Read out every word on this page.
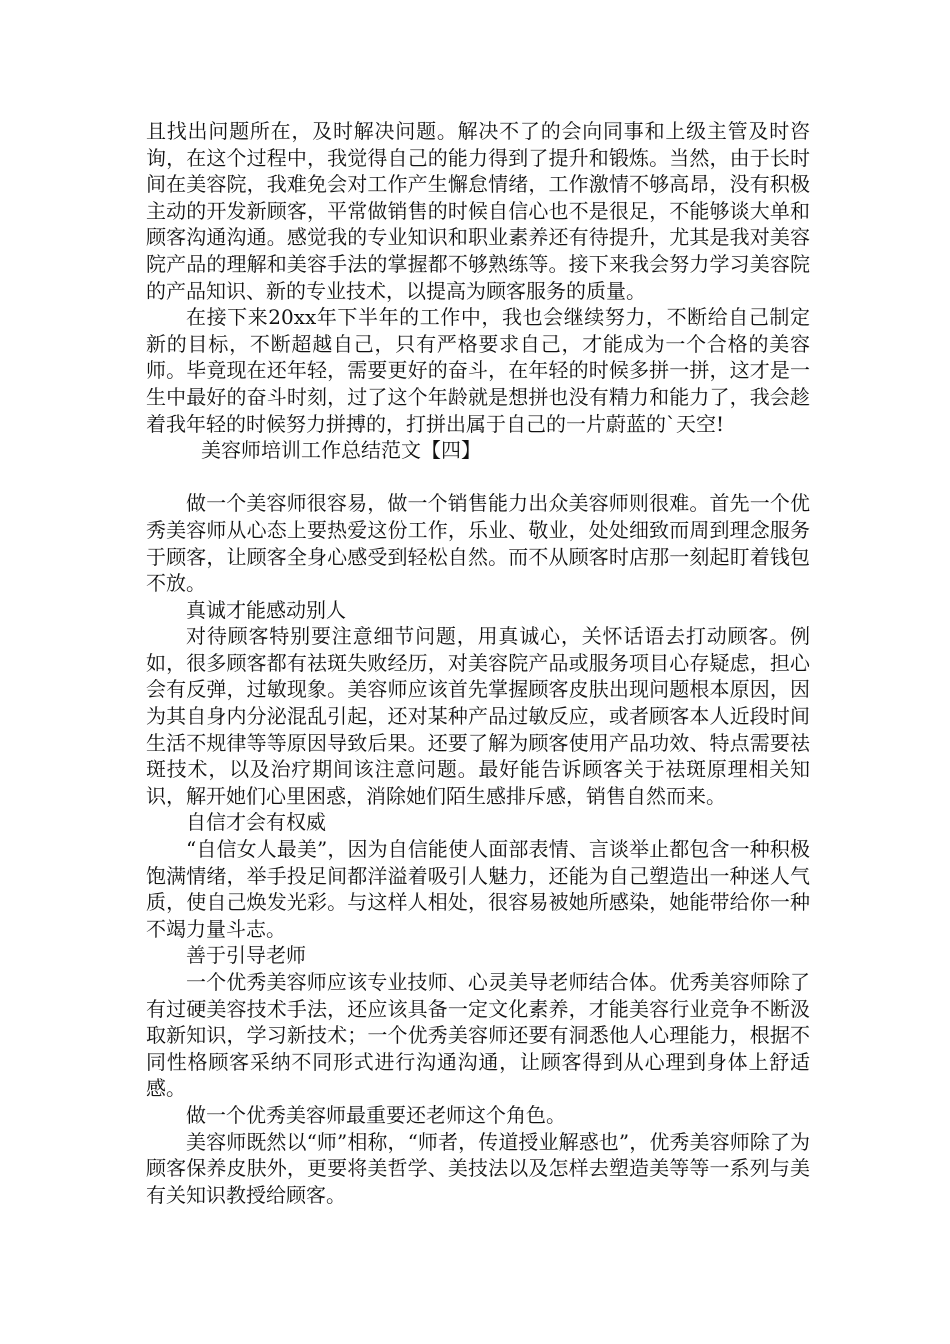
且找出问题所在，及时解决问题。解决不了的会向同事和上级主管及时咨询，在这个过程中，我觉得自己的能力得到了提升和锻炼。当然，由于长时间在美容院，我难免会对工作产生懈怠情绪，工作激情不够高昂，没有积极主动的开发新顾客，平常做销售的时候自信心也不是很足，不能够谈大单和顾客沟通沟通。感觉我的专业知识和职业素养还有待提升，尤其是我对美容院产品的理解和美容手法的掌握都不够熟练等。接下来我会努力学习美容院的产品知识、新的专业技术，以提高为顾客服务的质量。

在接下来20xx年下半年的工作中，我也会继续努力，不断给自己制定新的目标，不断超越自己，只有严格要求自己，才能成为一个合格的美容师。毕竟现在还年轻，需要更好的奋斗，在年轻的时候多拼一拼，这才是一生中最好的奋斗时刻，过了这个年龄就是想拼也没有精力和能力了，我会趁着我年轻的时候努力拼搏的，打拼出属于自己的一片蔚蓝的`天空!

美容师培训工作总结范文【四】

做一个美容师很容易，做一个销售能力出众美容师则很难。首先一个优秀美容师从心态上要热爱这份工作，乐业、敬业，处处细致而周到理念服务于顾客，让顾客全身心感受到轻松自然。而不从顾客时店那一刻起盯着钱包不放。

真诚才能感动别人

对待顾客特别要注意细节问题，用真诚心，关怀话语去打动顾客。例如，很多顾客都有祛斑失败经历，对美容院产品或服务项目心存疑虑，担心会有反弹，过敏现象。美容师应该首先掌握顾客皮肤出现问题根本原因，因为其自身内分泌混乱引起，还对某种产品过敏反应，或者顾客本人近段时间生活不规律等等原因导致后果。还要了解为顾客使用产品功效、特点需要祛斑技术，以及治疗期间该注意问题。最好能告诉顾客关于祛斑原理相关知识，解开她们心里困惑，消除她们陌生感排斥感，销售自然而来。

自信才会有权威

“自信女人最美”，因为自信能使人面部表情、言谈举止都包含一种积极饱满情绪，举手投足间都洋溢着吸引人魅力，还能为自己塑造出一种迷人气质，使自己焕发光彩。与这样人相处，很容易被她所感染，她能带给你一种不竭力量斗志。

善于引导老师

一个优秀美容师应该专业技师、心灵美导老师结合体。优秀美容师除了有过硬美容技术手法，还应该具备一定文化素养，才能美容行业竞争不断汲取新知识，学习新技术；一个优秀美容师还要有洞悉他人心理能力，根据不同性格顾客采纳不同形式进行沟通沟通，让顾客得到从心理到身体上舒适感。

做一个优秀美容师最重要还老师这个角色。

美容师既然以“师”相称，“师者，传道授业解惑也”，优秀美容师除了为顾客保养皮肤外，更要将美哲学、美技法以及怎样去塑造美等等一系列与美有关知识教授给顾客。
